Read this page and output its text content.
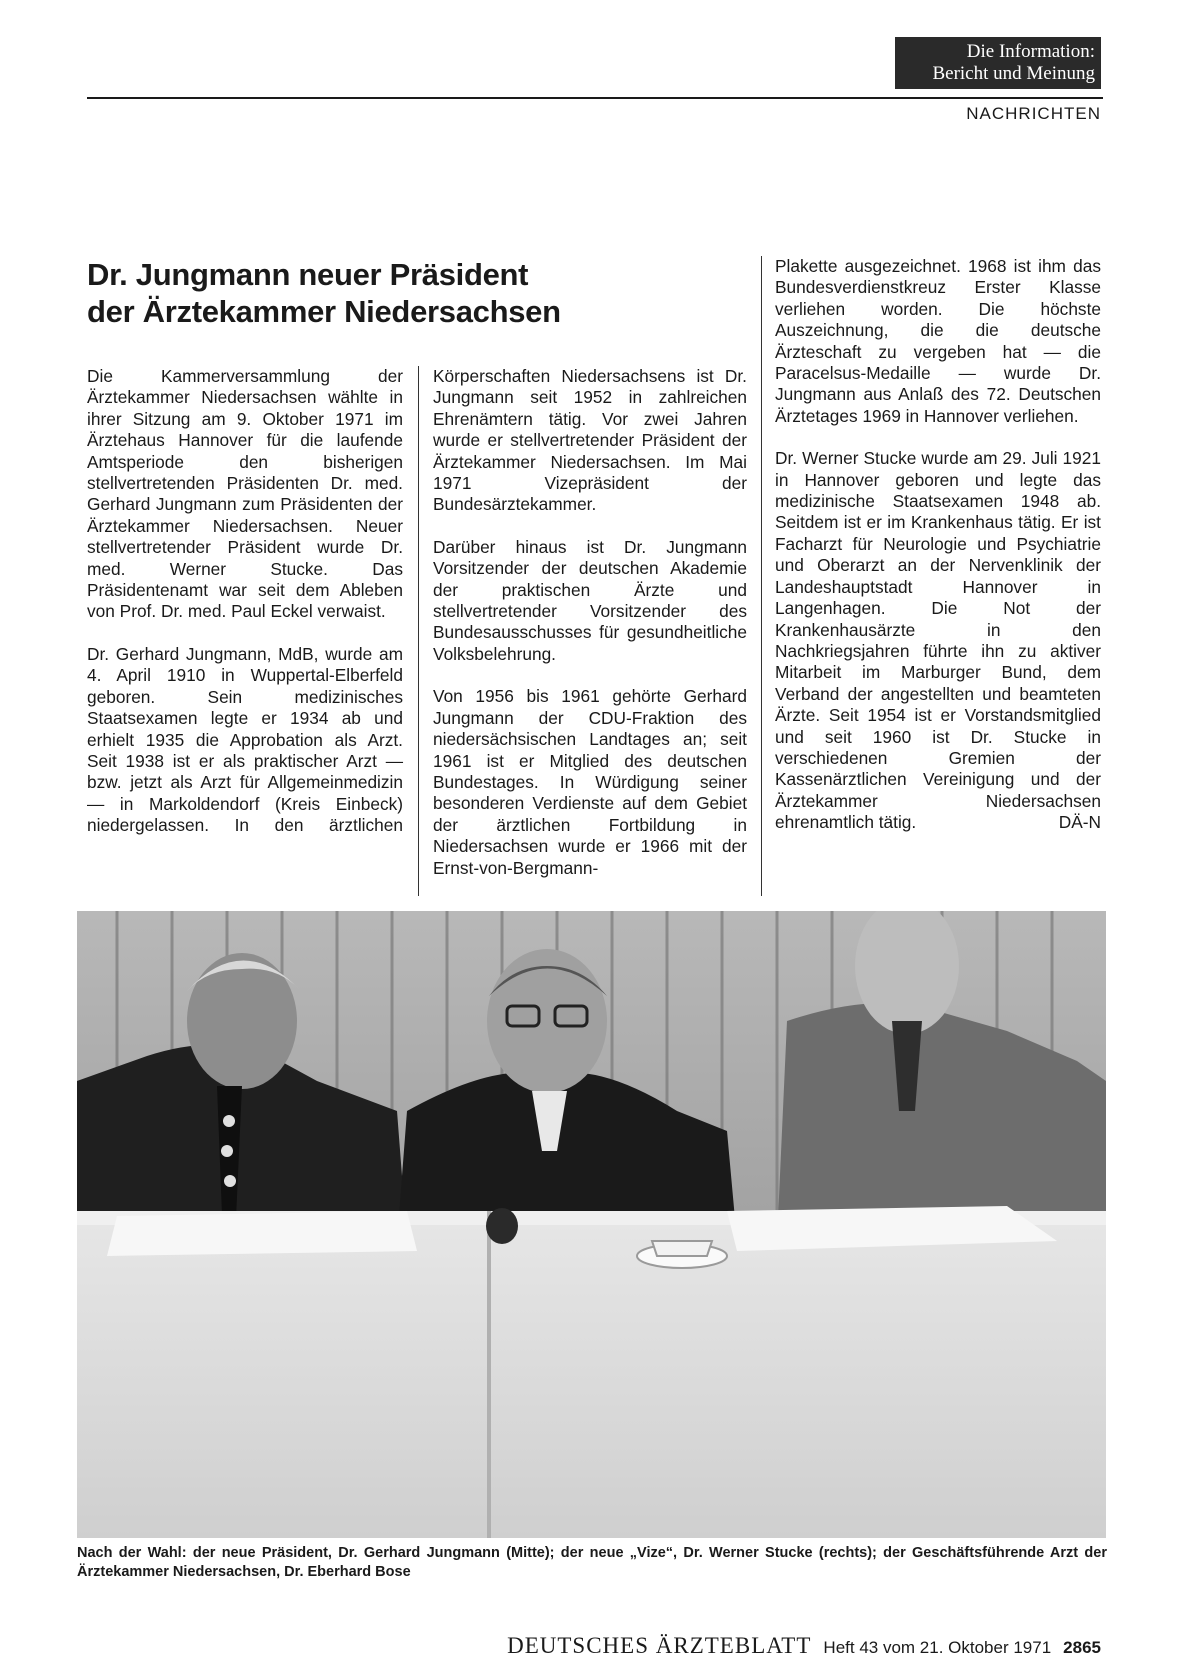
Die Information:
Bericht und Meinung
NACHRICHTEN
Dr. Jungmann neuer Präsident
der Ärztekammer Niedersachsen

Die Kammerversammlung der Ärztekammer Niedersachsen wählte in ihrer Sitzung am 9. Oktober 1971 im Ärztehaus Hannover für die laufende Amtsperiode den bisherigen stellvertretenden Präsidenten Dr. med. Gerhard Jungmann zum Präsidenten der Ärztekammer Niedersachsen. Neuer stellvertretender Präsident wurde Dr. med. Werner Stucke. Das Präsidentenamt war seit dem Ableben von Prof. Dr. med. Paul Eckel verwaist.

Dr. Gerhard Jungmann, MdB, wurde am 4. April 1910 in Wuppertal-Elberfeld geboren. Sein medizinisches Staatsexamen legte er 1934 ab und erhielt 1935 die Approbation als Arzt. Seit 1938 ist er als praktischer Arzt — bzw. jetzt als Arzt für Allgemeinmedizin — in Markoldendorf (Kreis Einbeck) niedergelassen. In den ärztlichen

Körperschaften Niedersachsens ist Dr. Jungmann seit 1952 in zahlreichen Ehrenämtern tätig. Vor zwei Jahren wurde er stellvertretender Präsident der Ärztekammer Niedersachsen. Im Mai 1971 Vizepräsident der Bundesärztekammer.

Darüber hinaus ist Dr. Jungmann Vorsitzender der deutschen Akademie der praktischen Ärzte und stellvertretender Vorsitzender des Bundesausschusses für gesundheitliche Volksbelehrung.

Von 1956 bis 1961 gehörte Gerhard Jungmann der CDU-Fraktion des niedersächsischen Landtages an; seit 1961 ist er Mitglied des deutschen Bundestages. In Würdigung seiner besonderen Verdienste auf dem Gebiet der ärztlichen Fortbildung in Niedersachsen wurde er 1966 mit der Ernst-von-Bergmann-

Plakette ausgezeichnet. 1968 ist ihm das Bundesverdienstkreuz Erster Klasse verliehen worden. Die höchste Auszeichnung, die die deutsche Ärzteschaft zu vergeben hat — die Paracelsus-Medaille — wurde Dr. Jungmann aus Anlaß des 72. Deutschen Ärztetages 1969 in Hannover verliehen.

Dr. Werner Stucke wurde am 29. Juli 1921 in Hannover geboren und legte das medizinische Staatsexamen 1948 ab. Seitdem ist er im Krankenhaus tätig. Er ist Facharzt für Neurologie und Psychiatrie und Oberarzt an der Nervenklinik der Landeshauptstadt Hannover in Langenhagen. Die Not der Krankenhausärzte in den Nachkriegsjahren führte ihn zu aktiver Mitarbeit im Marburger Bund, dem Verband der angestellten und beamteten Ärzte. Seit 1954 ist er Vorstandsmitglied und seit 1960 ist Dr. Stucke in verschiedenen Gremien der Kassenärztlichen Vereinigung und der Ärztekammer Niedersachsen ehrenamtlich tätig.	DÄ-N

Nach der Wahl: der neue Präsident, Dr. Gerhard Jungmann (Mitte); der neue „Vize“, Dr. Werner Stucke (rechts); der Geschäftsführende Arzt der Ärztekammer Niedersachsen, Dr. Eberhard Bose
DEUTSCHES ÄRZTEBLATT Heft 43 vom 21. Oktober 1971 2865
